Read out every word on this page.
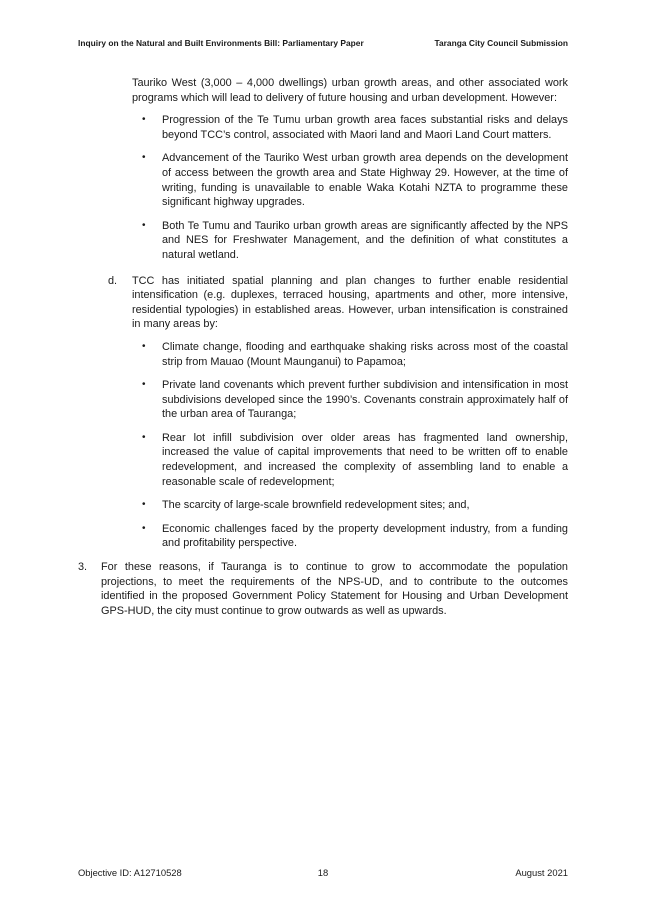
Inquiry on the Natural and Built Environments Bill: Parliamentary Paper	Taranga City Council Submission

Tauriko West (3,000 – 4,000 dwellings) urban growth areas, and other associated work programs which will lead to delivery of future housing and urban development. However:

• Progression of the Te Tumu urban growth area faces substantial risks and delays beyond TCC’s control, associated with Maori land and Maori Land Court matters.
• Advancement of the Tauriko West urban growth area depends on the development of access between the growth area and State Highway 29. However, at the time of writing, funding is unavailable to enable Waka Kotahi NZTA to programme these significant highway upgrades.
• Both Te Tumu and Tauriko urban growth areas are significantly affected by the NPS and NES for Freshwater Management, and the definition of what constitutes a natural wetland.
d. TCC has initiated spatial planning and plan changes to further enable residential intensification (e.g. duplexes, terraced housing, apartments and other, more intensive, residential typologies) in established areas. However, urban intensification is constrained in many areas by:

• Climate change, flooding and earthquake shaking risks across most of the coastal strip from Mauao (Mount Maunganui) to Papamoa;
• Private land covenants which prevent further subdivision and intensification in most subdivisions developed since the 1990’s. Covenants constrain approximately half of the urban area of Tauranga;
• Rear lot infill subdivision over older areas has fragmented land ownership, increased the value of capital improvements that need to be written off to enable redevelopment, and increased the complexity of assembling land to enable a reasonable scale of redevelopment;
• The scarcity of large-scale brownfield redevelopment sites; and,
• Economic challenges faced by the property development industry, from a funding and profitability perspective.
3. For these reasons, if Tauranga is to continue to grow to accommodate the population projections, to meet the requirements of the NPS-UD, and to contribute to the outcomes identified in the proposed Government Policy Statement for Housing and Urban Development GPS-HUD, the city must continue to grow outwards as well as upwards.

Objective ID: A12710528	18	August 2021
